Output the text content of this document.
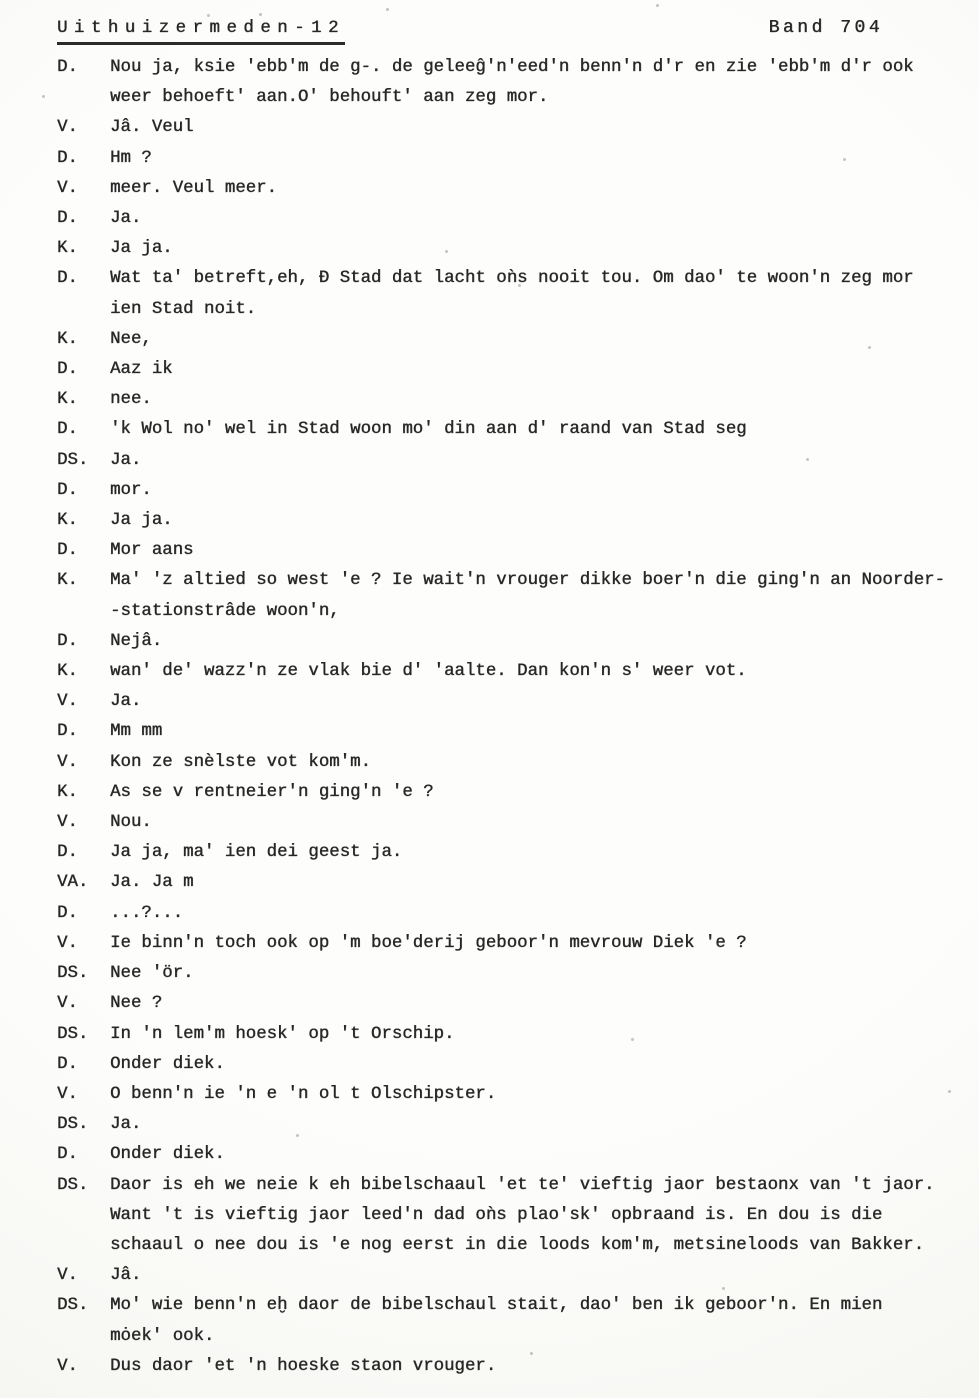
Uithuizermeden-12	Band 704
D.	Nou ja, ksie 'ebb'm de g-. de geleeĝ'n'eed'n benn'n d'r en zie 'ebb'm d'r ook
weer behoeft' aan.O' behouft' aan zeg mor.
V.	Jâ. Veul
D.	Hm ?
V.	meer. Veul meer.
D.	Ja.
K.	Ja ja.
D.	Wat ta' betreft,eh, Đ Stad dat lacht oǹs nooit tou. Om dao' te woon'n zeg mor
ien Stad noit.
K.	Nee,
D.	Aaz ik
K.	nee.
D.	'k Wol no' wel in Stad woon mo' din aan d' raand van Stad seg
DS.	Ja.
D.	mor.
K.	Ja ja.
D.	Mor aans
K.	Ma' 'z altied so west 'e ? Ie wait'n vrouger dikke boer'n die ging'n an Noorder-
-stationstrâde woon'n,
D.	Nejâ.
K.	wan' de' wazz'n ze vlak bie d' 'aalte. Dan kon'n s' weer vot.
V.	Ja.
D.	Mm mm
V.	Kon ze snèlste vot kom'm.
K.	As se v rentneier'n ging'n 'e ?
V.	Nou.
D.	Ja ja, ma' ien dei geest ja.
VA.	Ja. Ja m
D.	...?...
V.	Ie binn'n toch ook op 'm boe'derij geboor'n mevrouw Diek 'e ?
DS.	Nee 'ör.
V.	Nee ?
DS.	In 'n lem'm hoesk' op 't Orschip.
D.	Onder diek.
V.	O benn'n ie 'n e 'n ol t Olschipster.
DS.	Ja.
D.	Onder diek.
DS.	Daor is eh we neie k eh bibelschaaul 'et te' vieftig jaor bestaonx van 't jaor.
Want 't is vieftig jaor leed'n dad oǹs plao'sk' opbraand is. En dou is die
schaaul o nee dou is 'e nog eerst in die loods kom'm, metsineloods van Bakker.
V.	Jâ.
DS.	Mo' wie benn'n eḫ daor de bibelschaul stait, dao' ben ik geboor'n. En mien
mȯek' ook.
V.	Dus daor 'et 'n hoeske staon vrouger.
